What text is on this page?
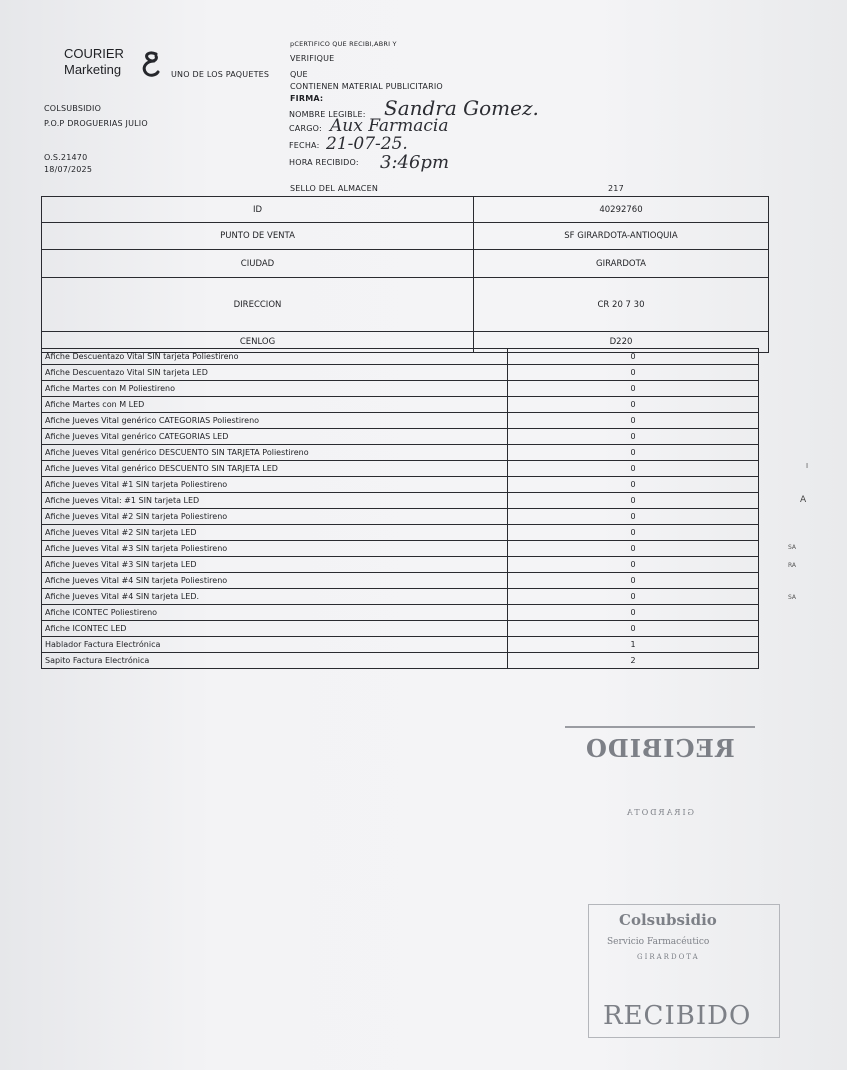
COURIER
Marketing	UNO DE LOS PAQUETES
pCERTIFICO QUE RECIBI,ABRI Y
VERIFIQUE
QUE
CONTIENEN MATERIAL PUBLICITARIO
FIRMA:
NOMBRE LEGIBLE: Sandra Gomez.
CARGO: Aux Farmacia
FECHA: 21-07-25.
HORA RECIBIDO: 3:46pm
COLSUBSIDIO
P.O.P DROGUERIAS JULIO
O.S.21470
18/07/2025
SELLO DEL ALMACEN	217
ID	40292760
PUNTO DE VENTA	SF GIRARDOTA-ANTIOQUIA
CIUDAD	GIRARDOTA
DIRECCION	CR 20 7 30
CENLOG	D220
Afiche Descuentazo Vital SIN tarjeta Poliestireno	0
Afiche Descuentazo Vital SIN tarjeta LED	0
Afiche Martes con M Poliestireno	0
Afiche Martes con M LED	0
Afiche Jueves Vital genérico CATEGORIAS Poliestireno	0
Afiche Jueves Vital genérico CATEGORIAS LED	0
Afiche Jueves Vital genérico DESCUENTO SIN TARJETA Poliestireno	0
Afiche Jueves Vital genérico DESCUENTO SIN TARJETA LED	0
Afiche Jueves Vital #1 SIN tarjeta Poliestireno	0
Afiche Jueves Vital: #1 SIN tarjeta LED	0
Afiche Jueves Vital #2 SIN tarjeta Poliestireno	0
Afiche Jueves Vital #2 SIN tarjeta LED	0
Afiche Jueves Vital #3 SIN tarjeta Poliestireno	0
Afiche Jueves Vital #3 SIN tarjeta LED	0
Afiche Jueves Vital #4 SIN tarjeta Poliestireno	0
Afiche Jueves Vital #4 SIN tarjeta LED.	0
Afiche ICONTEC Poliestireno	0
Afiche ICONTEC LED	0
Hablador Factura Electrónica	1
Sapito Factura Electrónica	2
I
A
SA
RA
SA
RECIBIDO
GIRARDOTA
Colsubsidio
Servicio Farmacéutico
GIRARDOTA
RECIBIDO
